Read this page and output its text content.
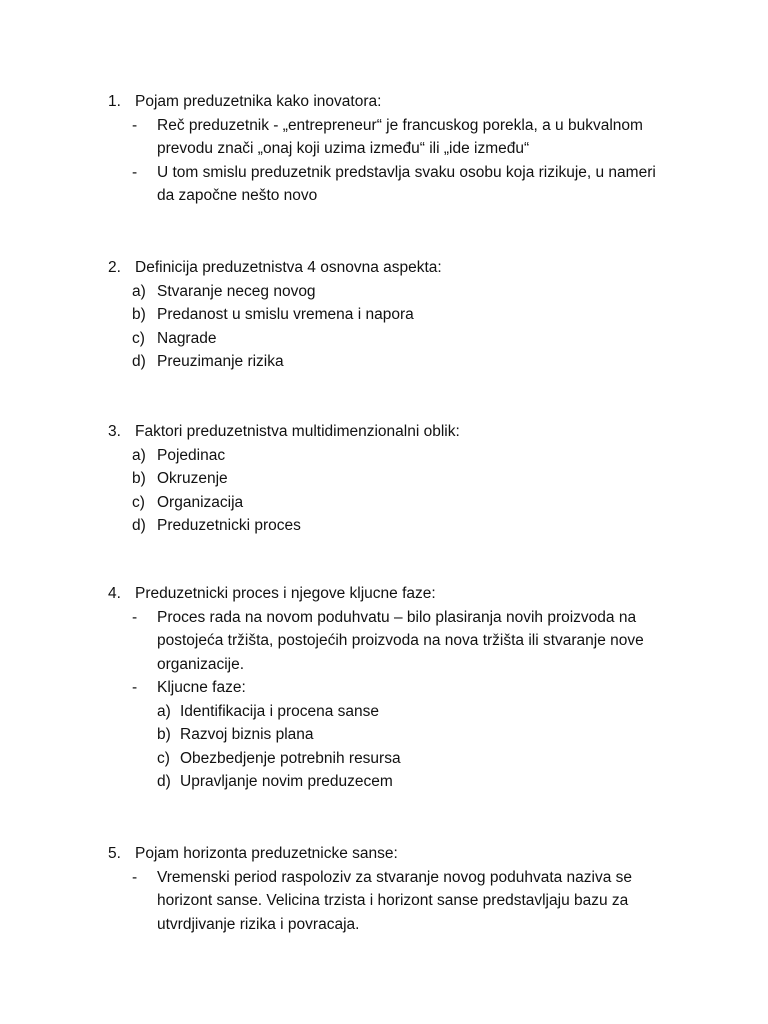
1. Pojam preduzetnika kako inovatora:
- Reč preduzetnik - „entrepreneur“ je francuskog porekla, a u bukvalnom
prevodu znači „onaj koji uzima između“ ili „ide između“
- U tom smislu preduzetnik predstavlja svaku osobu koja rizikuje, u nameri
da započne nešto novo
2. Definicija preduzetnistva 4 osnovna aspekta:
a) Stvaranje neceg novog
b) Predanost u smislu vremena i napora
c) Nagrade
d) Preuzimanje rizika
3. Faktori preduzetnistva multidimenzionalni oblik:
a) Pojedinac
b) Okruzenje
c) Organizacija
d) Preduzetnicki proces
4. Preduzetnicki proces i njegove kljucne faze:
- Proces rada na novom poduhvatu – bilo plasiranja novih proizvoda na
postojeća tržišta, postojećih proizvoda na nova tržišta ili stvaranje nove
organizacije.
- Kljucne faze:
a) Identifikacija i procena sanse
b) Razvoj biznis plana
c) Obezbedjenje potrebnih resursa
d) Upravljanje novim preduzecem
5. Pojam horizonta preduzetnicke sanse:
- Vremenski period raspoloziv za stvaranje novog poduhvata naziva se
horizont sanse. Velicina trzista i horizont sanse predstavljaju bazu za
utvrdjivanje rizika i povracaja.
